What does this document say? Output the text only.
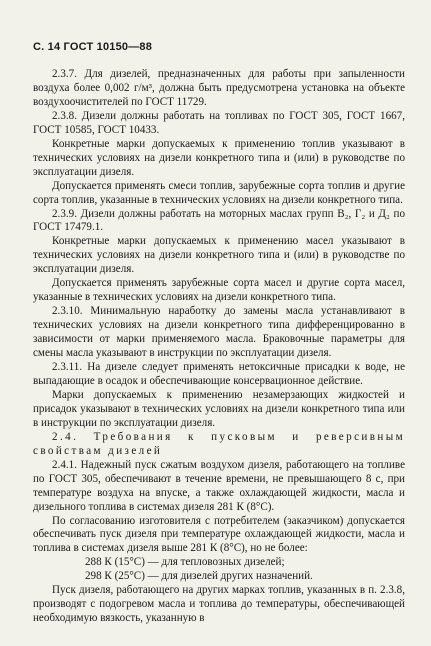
С. 14 ГОСТ 10150—88

2.3.7. Для дизелей, предназначенных для работы при запыленности воздуха более 0,002 г/м³, должна быть предусмотрена установка на объекте воздухоочистителей по ГОСТ 11729.

2.3.8. Дизели должны работать на топливах по ГОСТ 305, ГОСТ 1667, ГОСТ 10585, ГОСТ 10433.

Конкретные марки допускаемых к применению топлив указывают в технических условиях на дизели конкретного типа и (или) в руководстве по эксплуатации дизеля.

Допускается применять смеси топлив, зарубежные сорта топлив и другие сорта топлив, указанные в технических условиях на дизели конкретного типа.

2.3.9. Дизели должны работать на моторных маслах групп В₂, Г₂ и Д₂ по ГОСТ 17479.1.

Конкретные марки допускаемых к применению масел указывают в технических условиях на дизели конкретного типа и (или) в руководстве по эксплуатации дизеля.

Допускается применять зарубежные сорта масел и другие сорта масел, указанные в технических условиях на дизели конкретного типа.

2.3.10. Минимальную наработку до замены масла устанавливают в технических условиях на дизели конкретного типа дифференцированно в зависимости от марки применяемого масла. Браковочные параметры для смены масла указывают в инструкции по эксплуатации дизеля.

2.3.11. На дизеле следует применять нетоксичные присадки к воде, не выпадающие в осадок и обеспечивающие консервационное действие.

Марки допускаемых к применению незамерзающих жидкостей и присадок указывают в технических условиях на дизели конкретного типа или в инструкции по эксплуатации дизеля.

2.4. Требования к пусковым и реверсивным свойствам дизелей

2.4.1. Надежный пуск сжатым воздухом дизеля, работающего на топливе по ГОСТ 305, обеспечивают в течение времени, не превышающего 8 с, при температуре воздуха на впуске, а также охлаждающей жидкости, масла и дизельного топлива в системах дизеля 281 К (8°С).

По согласованию изготовителя с потребителем (заказчиком) допускается обеспечивать пуск дизеля при температуре охлаждающей жидкости, масла и топлива в системах дизеля выше 281 К (8°С), но не более:

288 К (15°С) — для тепловозных дизелей;

298 К (25°С) — для дизелей других назначений.

Пуск дизеля, работающего на других марках топлив, указанных в п. 2.3.8, производят с подогревом масла и топлива до температуры, обеспечивающей необходимую вязкость, указанную в
